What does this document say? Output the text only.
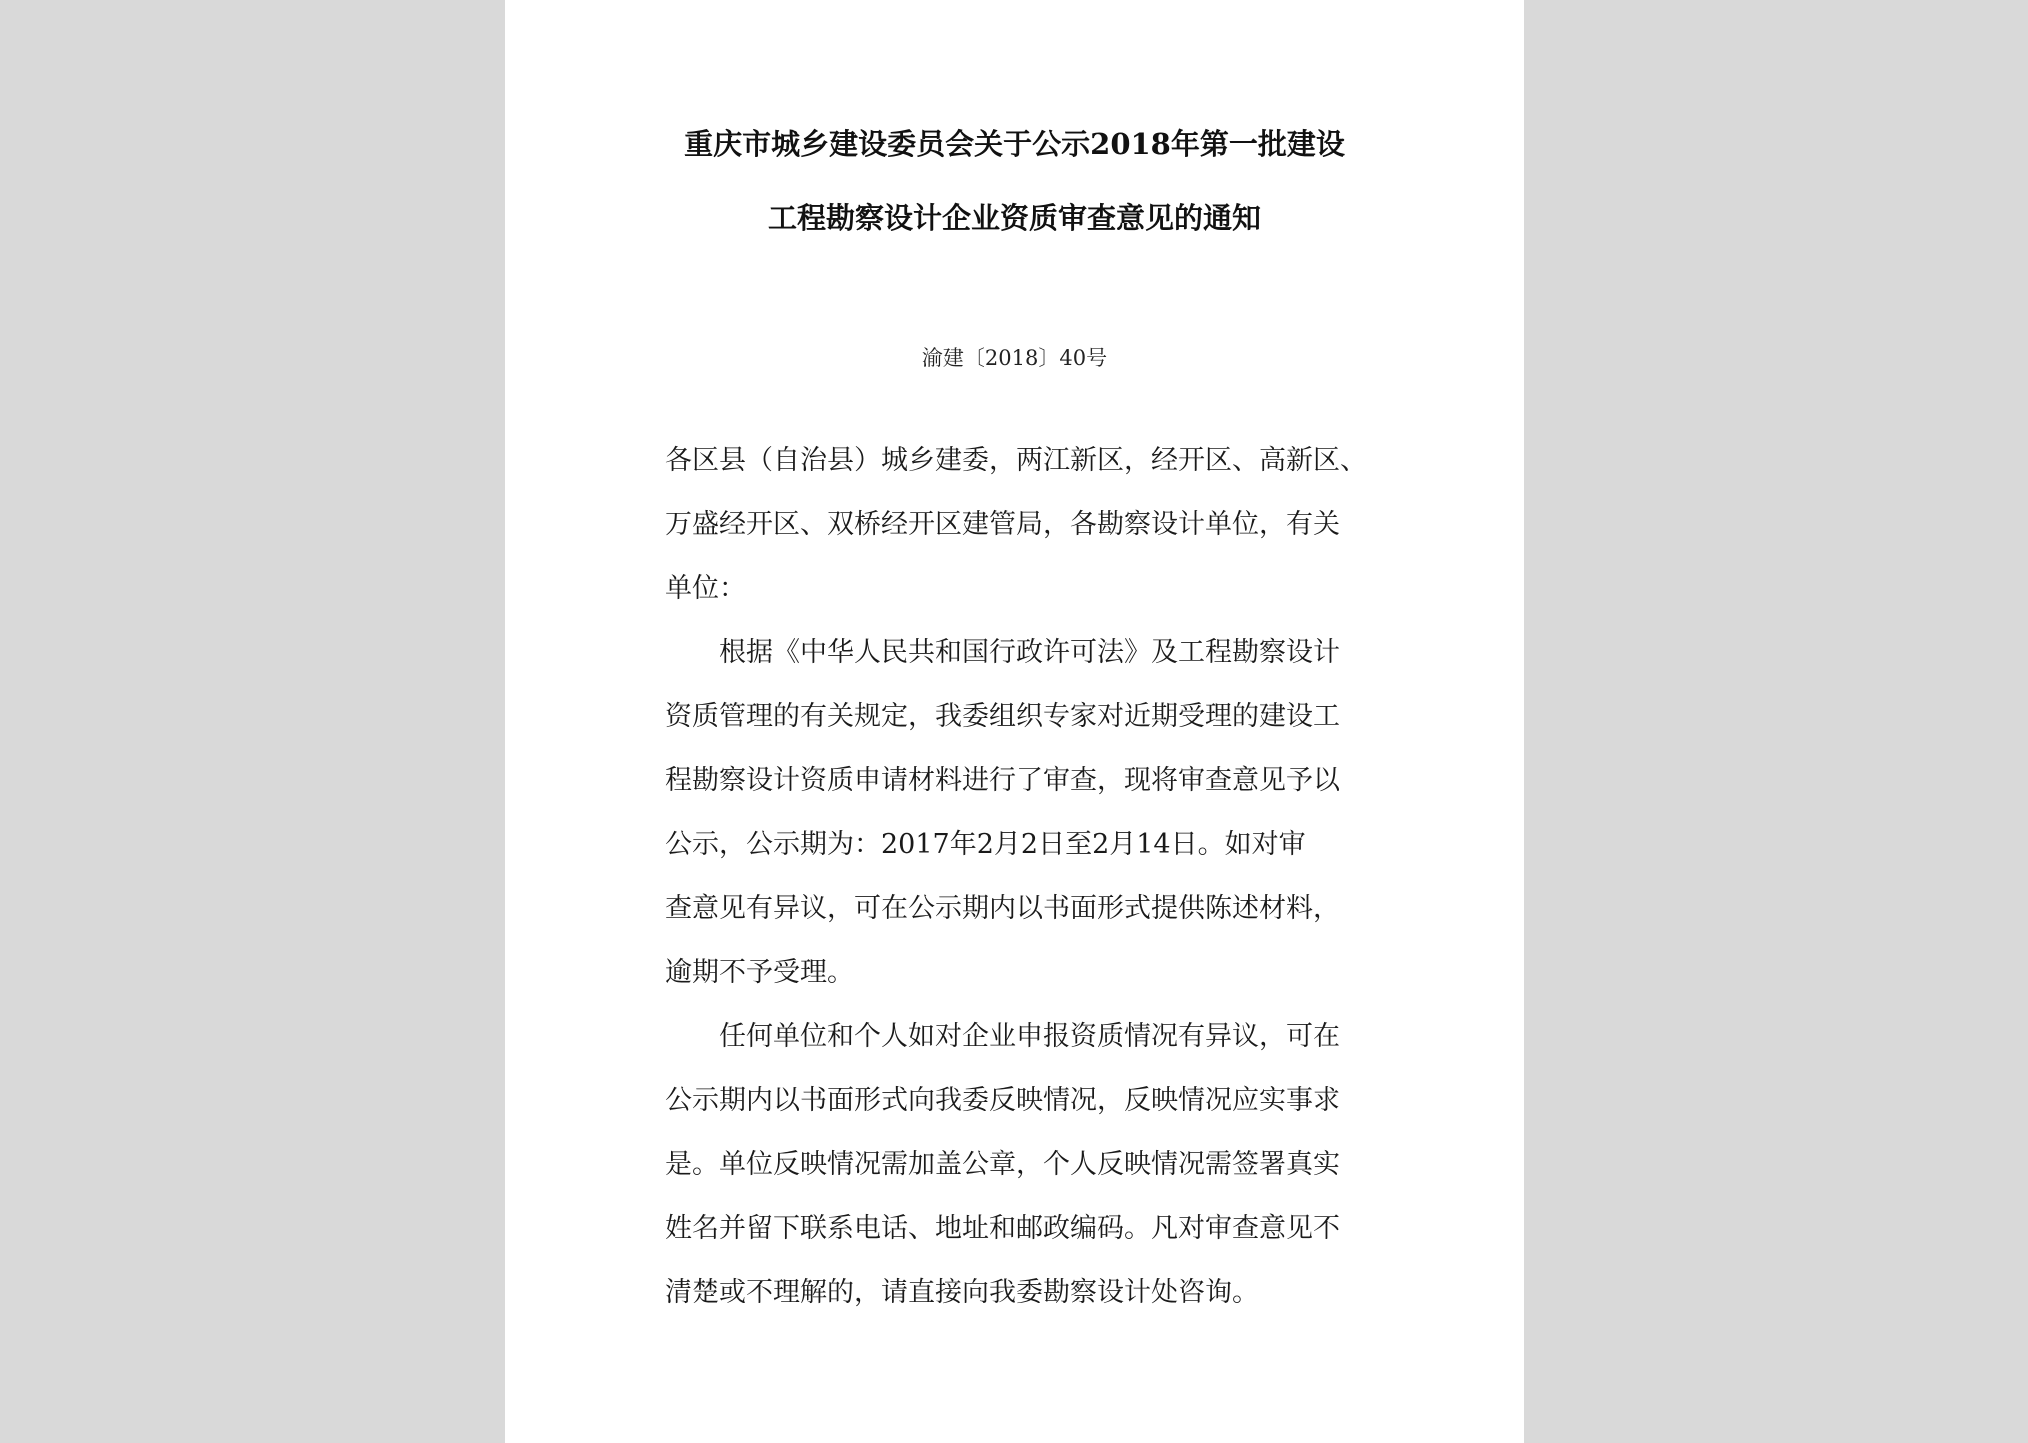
重庆市城乡建设委员会关于公示2018年第一批建设
工程勘察设计企业资质审查意见的通知
渝建〔2018〕40号
各区县（自治县）城乡建委，两江新区，经开区、高新区、
万盛经开区、双桥经开区建管局，各勘察设计单位，有关
单位：
根据《中华人民共和国行政许可法》及工程勘察设计
资质管理的有关规定，我委组织专家对近期受理的建设工
程勘察设计资质申请材料进行了审查，现将审查意见予以
公示，公示期为：2017年2月2日至2月14日。如对审
查意见有异议，可在公示期内以书面形式提供陈述材料，
逾期不予受理。
任何单位和个人如对企业申报资质情况有异议，可在
公示期内以书面形式向我委反映情况，反映情况应实事求
是。单位反映情况需加盖公章，个人反映情况需签署真实
姓名并留下联系电话、地址和邮政编码。凡对审查意见不
清楚或不理解的，请直接向我委勘察设计处咨询。
